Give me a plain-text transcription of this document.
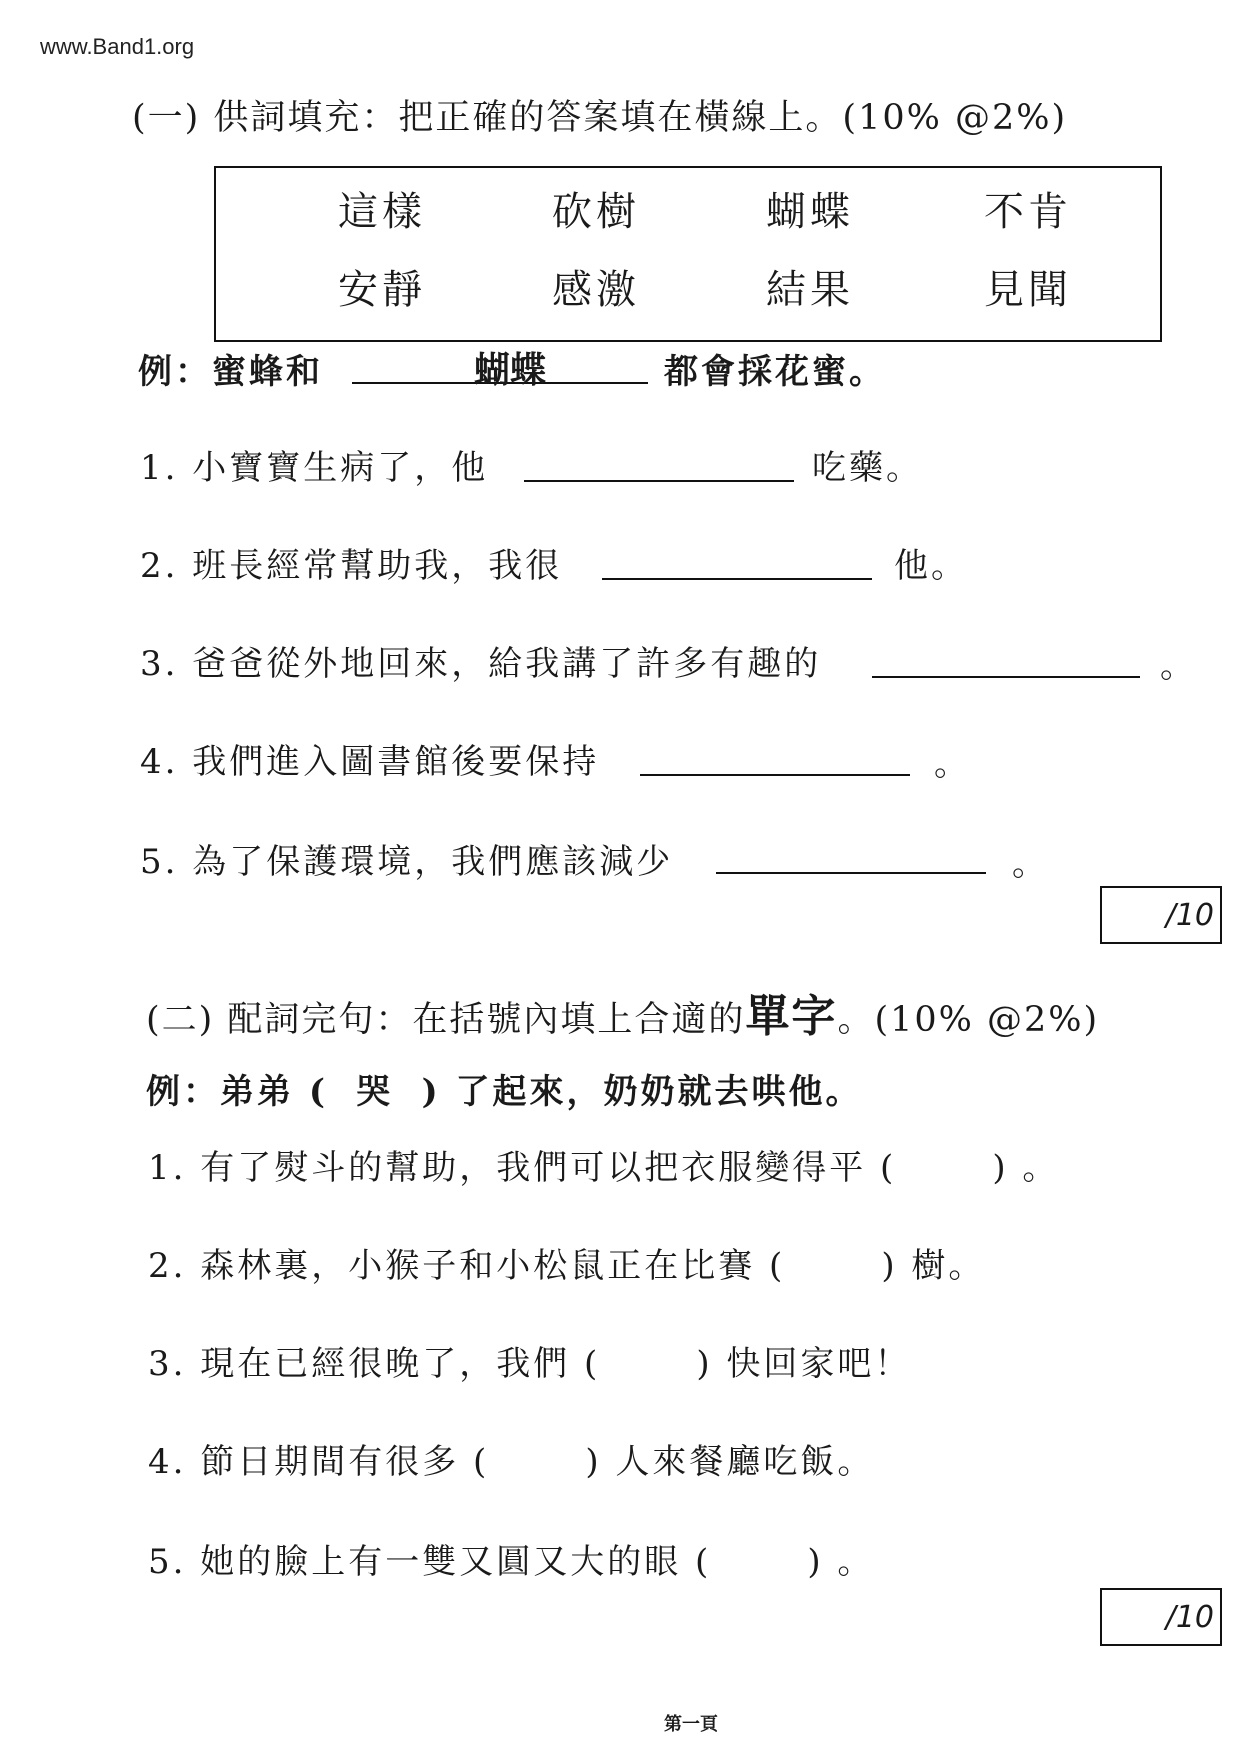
www.Band1.org
(一) 供詞填充：把正確的答案填在橫線上。(10% @2%)
這樣	砍樹	蝴蝶	不肯
安靜	感激	結果	見聞
例：蜜蜂和	蝴蝶	都會採花蜜。
1. 小寶寶生病了，他	吃藥。
2. 班長經常幫助我，我很	他。
3. 爸爸從外地回來，給我講了許多有趣的	。
4. 我們進入圖書館後要保持	。
5. 為了保護環境，我們應該減少	。
/10
(二) 配詞完句：在括號內填上合適的單字。(10% @2%)
例：弟弟 ( 哭 ) 了起來，奶奶就去哄他。
1. 有了熨斗的幫助，我們可以把衣服變得平 (	) 。
2. 森林裏，小猴子和小松鼠正在比賽 (	) 樹。
3. 現在已經很晚了，我們 (	) 快回家吧！
4. 節日期間有很多 (	) 人來餐廳吃飯。
5. 她的臉上有一雙又圓又大的眼 (	) 。
/10
第一頁
